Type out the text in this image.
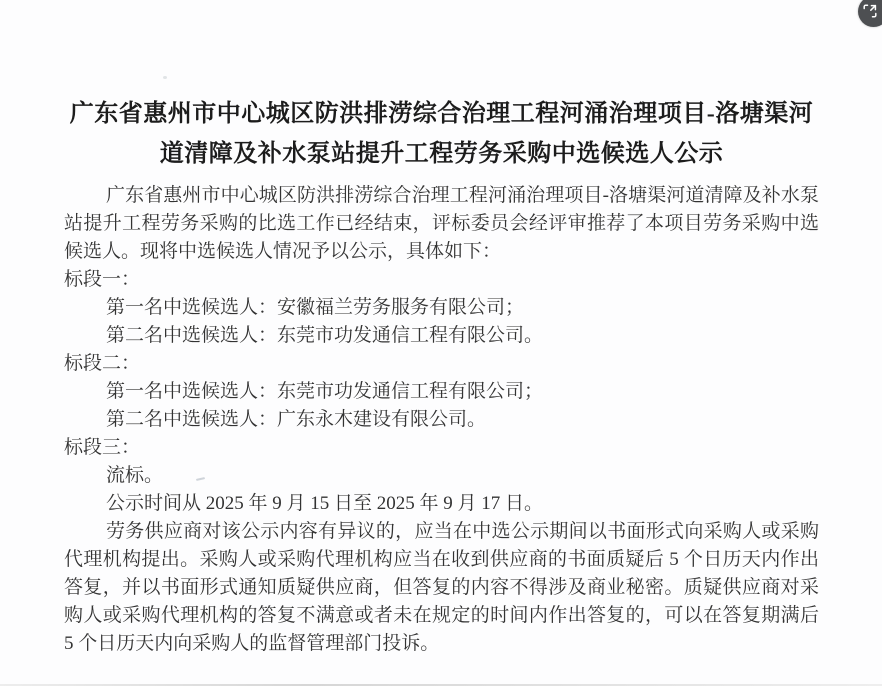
广东省惠州市中心城区防洪排涝综合治理工程河涌治理项目-洛塘渠河道清障及补水泵站提升工程劳务采购中选候选人公示

广东省惠州市中心城区防洪排涝综合治理工程河涌治理项目-洛塘渠河道清障及补水泵站提升工程劳务采购的比选工作已经结束，评标委员会经评审推荐了本项目劳务采购中选候选人。现将中选候选人情况予以公示，具体如下：

标段一：

第一名中选候选人：安徽福兰劳务服务有限公司；

第二名中选候选人：东莞市功发通信工程有限公司。

标段二：

第一名中选候选人：东莞市功发通信工程有限公司；

第二名中选候选人：广东永木建设有限公司。

标段三：

流标。

公示时间从 2025 年 9 月 15 日至 2025 年 9 月 17 日。

劳务供应商对该公示内容有异议的，应当在中选公示期间以书面形式向采购人或采购代理机构提出。采购人或采购代理机构应当在收到供应商的书面质疑后 5 个日历天内作出答复，并以书面形式通知质疑供应商，但答复的内容不得涉及商业秘密。质疑供应商对采购人或采购代理机构的答复不满意或者未在规定的时间内作出答复的，可以在答复期满后 5 个日历天内向采购人的监督管理部门投诉。
